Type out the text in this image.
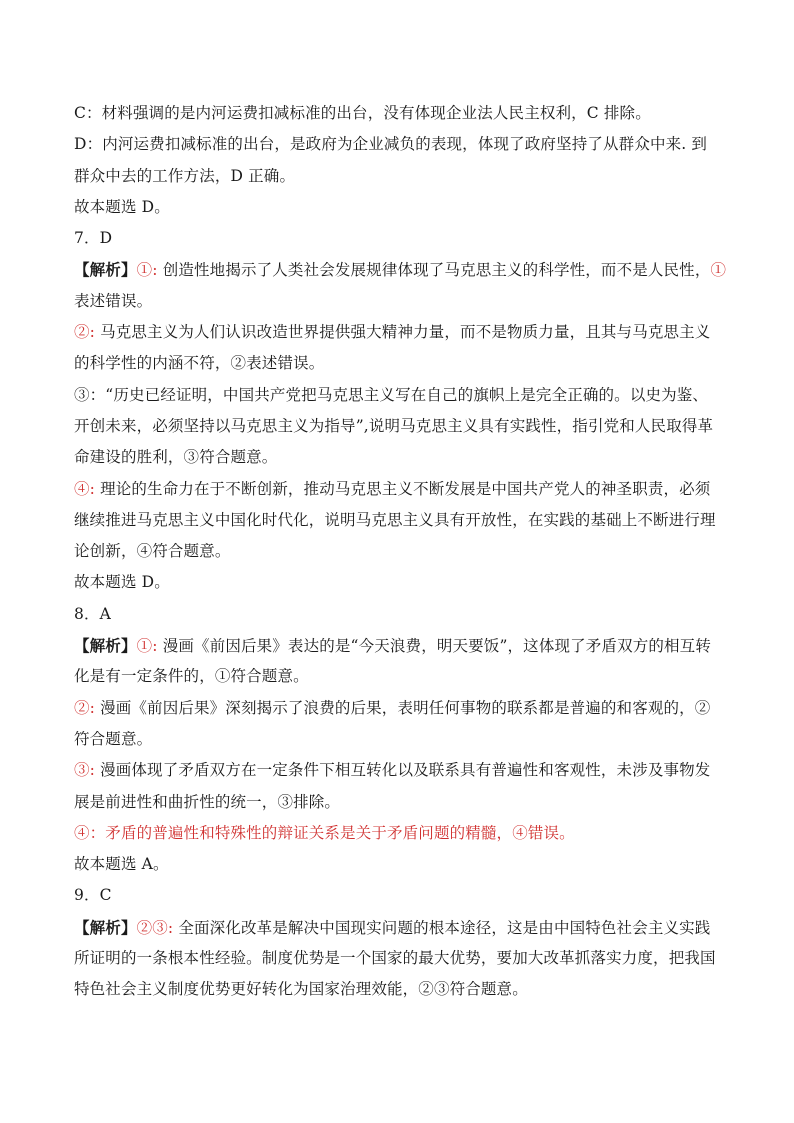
C：材料强调的是内河运费扣减标准的出台，没有体现企业法人民主权利，C 排除。
D：内河运费扣减标准的出台，是政府为企业减负的表现，体现了政府坚持了从群众中来. 到
群众中去的工作方法，D 正确。
故本题选 D。
7．D
【解析】①: 创造性地揭示了人类社会发展规律体现了马克思主义的科学性，而不是人民性，①
表述错误。
②: 马克思主义为人们认识改造世界提供强大精神力量，而不是物质力量，且其与马克思主义
的科学性的内涵不符，②表述错误。
③：“历史已经证明，中国共产党把马克思主义写在自己的旗帜上是完全正确的。以史为鉴、
开创未来，必须坚持以马克思主义为指导”,说明马克思主义具有实践性，指引党和人民取得革
命建设的胜利，③符合题意。
④: 理论的生命力在于不断创新，推动马克思主义不断发展是中国共产党人的神圣职责，必须
继续推进马克思主义中国化时代化，说明马克思主义具有开放性，在实践的基础上不断进行理
论创新，④符合题意。
故本题选 D。
8．A
【解析】①: 漫画《前因后果》表达的是“今天浪费，明天要饭”，这体现了矛盾双方的相互转
化是有一定条件的，①符合题意。
②: 漫画《前因后果》深刻揭示了浪费的后果，表明任何事物的联系都是普遍的和客观的，②
符合题意。
③: 漫画体现了矛盾双方在一定条件下相互转化以及联系具有普遍性和客观性，未涉及事物发
展是前进性和曲折性的统一，③排除。
④：矛盾的普遍性和特殊性的辩证关系是关于矛盾问题的精髓，④错误。
故本题选 A。
9．C
【解析】②③: 全面深化改革是解决中国现实问题的根本途径，这是由中国特色社会主义实践
所证明的一条根本性经验。制度优势是一个国家的最大优势，要加大改革抓落实力度，把我国
特色社会主义制度优势更好转化为国家治理效能，②③符合题意。
